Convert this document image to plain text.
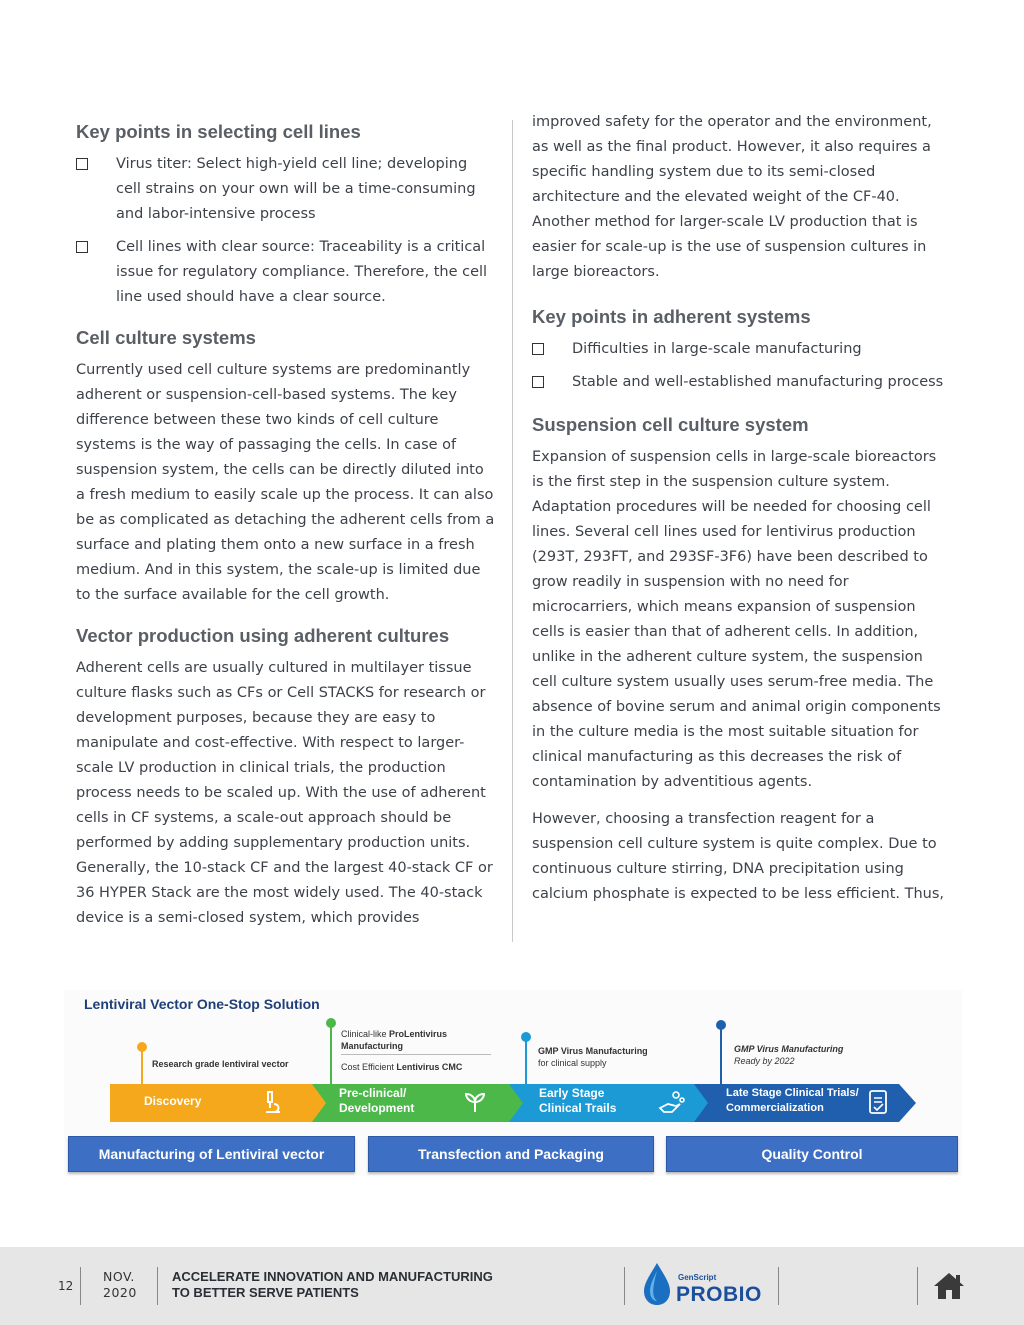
Key points in selecting cell lines
Virus titer: Select high-yield cell line; developing cell strains on your own will be a time-consuming and labor-intensive process
Cell lines with clear source: Traceability is a critical issue for regulatory compliance. Therefore, the cell line used should have a clear source.
Cell culture systems

Currently used cell culture systems are predominantly adherent or suspension-cell-based systems. The key difference between these two kinds of cell culture systems is the way of passaging the cells. In case of suspension system, the cells can be directly diluted into a fresh medium to easily scale up the process. It can also be as complicated as detaching the adherent cells from a surface and plating them onto a new surface in a fresh medium. And in this system, the scale-up is limited due to the surface available for the cell growth.

Vector production using adherent cultures

Adherent cells are usually cultured in multilayer tissue culture flasks such as CFs or Cell STACKS for research or development purposes, because they are easy to manipulate and cost-effective. With respect to larger-scale LV production in clinical trials, the production process needs to be scaled up. With the use of adherent cells in CF systems, a scale-out approach should be performed by adding supplementary production units. Generally, the 10-stack CF and the largest 40-stack CF or 36 HYPER Stack are the most widely used. The 40-stack device is a semi-closed system, which provides

improved safety for the operator and the environment, as well as the final product. However, it also requires a specific handling system due to its semi-closed architecture and the elevated weight of the CF-40. Another method for larger-scale LV production that is easier for scale-up is the use of suspension cultures in large bioreactors.

Key points in adherent systems
Difficulties in large-scale manufacturing
Stable and well-established manufacturing process
Suspension cell culture system

Expansion of suspension cells in large-scale bioreactors is the first step in the suspension culture system. Adaptation procedures will be needed for choosing cell lines. Several cell lines used for lentivirus production (293T, 293FT, and 293SF-3F6) have been described to grow readily in suspension with no need for microcarriers, which means expansion of suspension cells is easier than that of adherent cells. In addition, unlike in the adherent culture system, the suspension cell culture system usually uses serum-free media. The absence of bovine serum and animal origin components in the culture media is the most suitable situation for clinical manufacturing as this decreases the risk of contamination by adventitious agents.

However, choosing a transfection reagent for a suspension cell culture system is quite complex. Due to continuous culture stirring, DNA precipitation using calcium phosphate is expected to be less efficient. Thus,

Lentiviral Vector One-Stop Solution
Research grade lentiviral vector
Clinical-like ProLentivirus
Manufacturing

Cost Efficient Lentivirus CMC
GMP Virus Manufacturing
for clinical supply
GMP Virus Manufacturing
Ready by 2022
Discovery
Pre-clinical/ Development
Early Stage Clinical Trails
Late Stage Clinical Trials/ Commercialization
Manufacturing of Lentiviral vector	Transfection and Packaging	Quality Control
12
NOV.
2020
ACCELERATE INNOVATION AND MANUFACTURING
TO BETTER SERVE PATIENTS
GenScript
PROBIO
